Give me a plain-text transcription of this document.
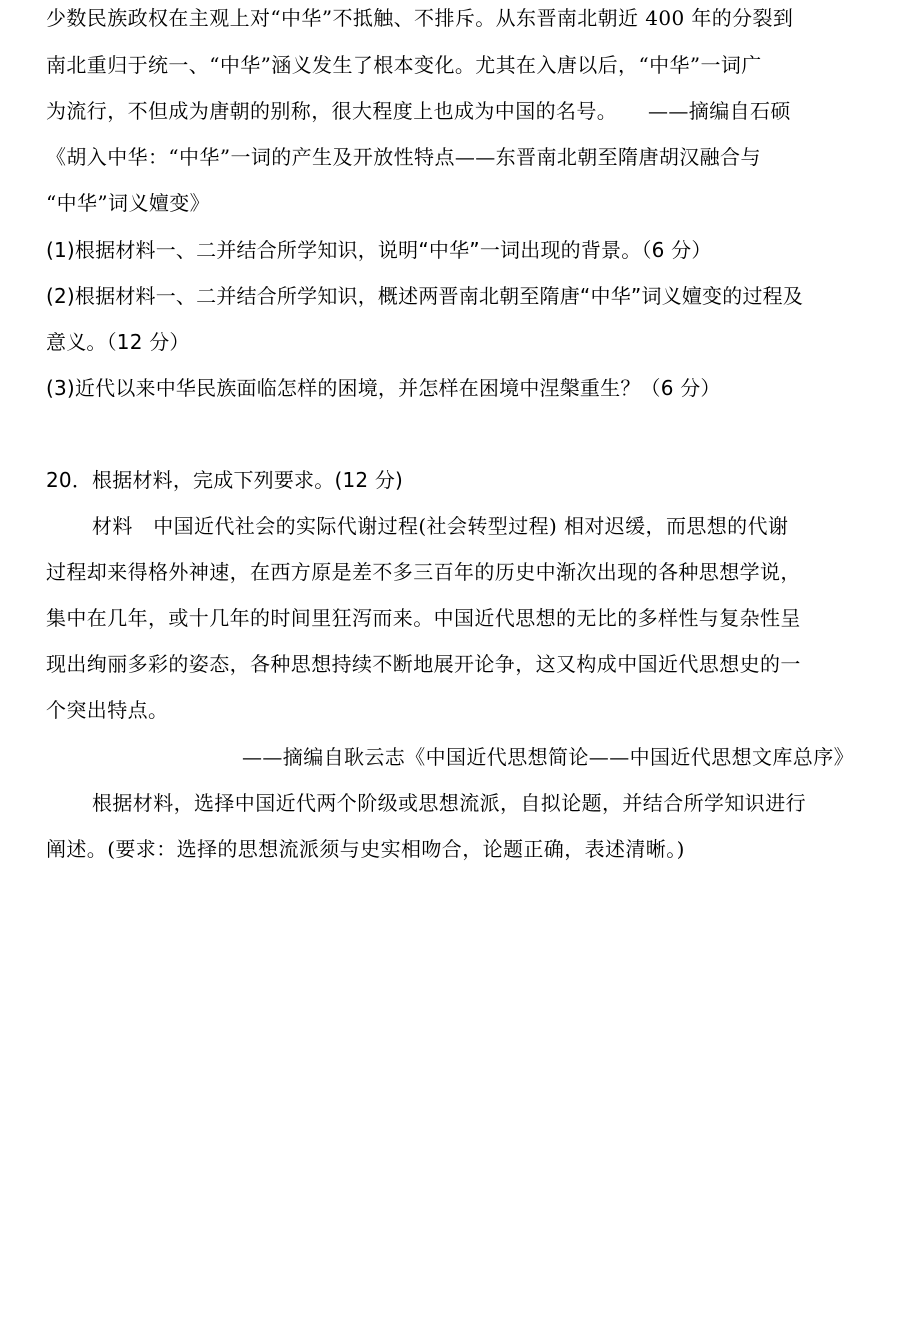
少数民族政权在主观上对“中华”不抵触、不排斥。从东晋南北朝近 400 年的分裂到
南北重归于统一、“中华”涵义发生了根本变化。尤其在入唐以后，“中华”一词广
为流行，不但成为唐朝的别称，很大程度上也成为中国的名号。　　——摘编自石硕
《胡入中华：“中华”一词的产生及开放性特点——东晋南北朝至隋唐胡汉融合与
“中华”词义嬗变》
(1)根据材料一、二并结合所学知识，说明“中华”一词出现的背景。（6 分）
(2)根据材料一、二并结合所学知识，概述两晋南北朝至隋唐“中华”词义嬗变的过程及
意义。（12 分）
(3)近代以来中华民族面临怎样的困境，并怎样在困境中涅槃重生？（6 分）
20．根据材料，完成下列要求。(12 分)
材料　中国近代社会的实际代谢过程(社会转型过程) 相对迟缓，而思想的代谢
过程却来得格外神速，在西方原是差不多三百年的历史中渐次出现的各种思想学说，
集中在几年，或十几年的时间里狂泻而来。中国近代思想的无比的多样性与复杂性呈
现出绚丽多彩的姿态，各种思想持续不断地展开论争，这又构成中国近代思想史的一
个突出特点。
——摘编自耿云志《中国近代思想简论——中国近代思想文库总序》
根据材料，选择中国近代两个阶级或思想流派，自拟论题，并结合所学知识进行
阐述。(要求：选择的思想流派须与史实相吻合，论题正确，表述清晰。)
